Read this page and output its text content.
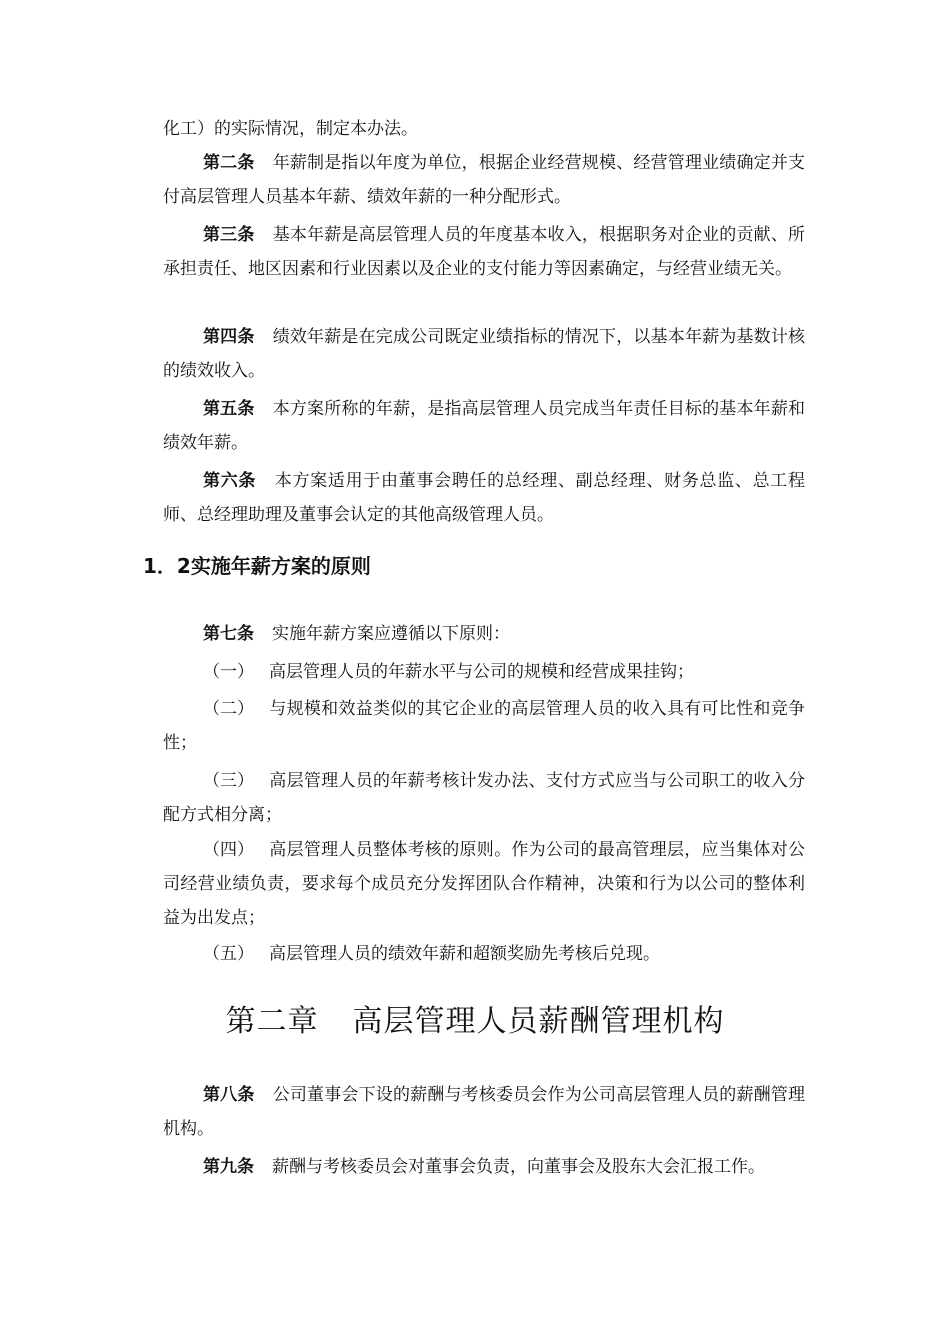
化工）的实际情况，制定本办法。

第二条 年薪制是指以年度为单位，根据企业经营规模、经营管理业绩确定并支付高层管理人员基本年薪、绩效年薪的一种分配形式。

第三条 基本年薪是高层管理人员的年度基本收入，根据职务对企业的贡献、所承担责任、地区因素和行业因素以及企业的支付能力等因素确定，与经营业绩无关。

第四条 绩效年薪是在完成公司既定业绩指标的情况下，以基本年薪为基数计核的绩效收入。

第五条 本方案所称的年薪，是指高层管理人员完成当年责任目标的基本年薪和绩效年薪。

第六条 本方案适用于由董事会聘任的总经理、副总经理、财务总监、总工程师、总经理助理及董事会认定的其他高级管理人员。

1．2实施年薪方案的原则

第七条 实施年薪方案应遵循以下原则：

（一） 高层管理人员的年薪水平与公司的规模和经营成果挂钩；

（二） 与规模和效益类似的其它企业的高层管理人员的收入具有可比性和竞争性；

（三） 高层管理人员的年薪考核计发办法、支付方式应当与公司职工的收入分配方式相分离；

（四） 高层管理人员整体考核的原则。作为公司的最高管理层，应当集体对公司经营业绩负责，要求每个成员充分发挥团队合作精神，决策和行为以公司的整体利益为出发点；

（五） 高层管理人员的绩效年薪和超额奖励先考核后兑现。

第二章 高层管理人员薪酬管理机构

第八条 公司董事会下设的薪酬与考核委员会作为公司高层管理人员的薪酬管理机构。

第九条 薪酬与考核委员会对董事会负责，向董事会及股东大会汇报工作。
